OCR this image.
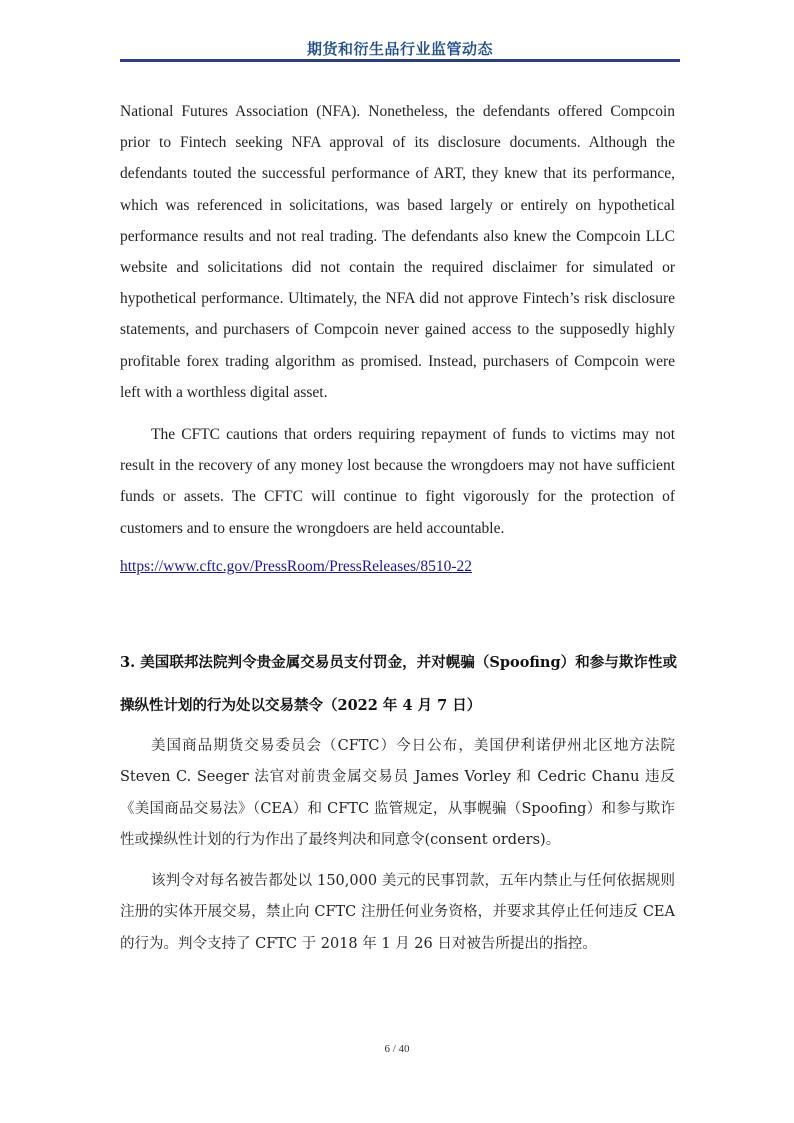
期货和衍生品行业监管动态

National Futures Association (NFA). Nonetheless, the defendants offered Compcoin prior to Fintech seeking NFA approval of its disclosure documents. Although the defendants touted the successful performance of ART, they knew that its performance, which was referenced in solicitations, was based largely or entirely on hypothetical performance results and not real trading. The defendants also knew the Compcoin LLC website and solicitations did not contain the required disclaimer for simulated or hypothetical performance. Ultimately, the NFA did not approve Fintech’s risk disclosure statements, and purchasers of Compcoin never gained access to the supposedly highly profitable forex trading algorithm as promised. Instead, purchasers of Compcoin were left with a worthless digital asset.

The CFTC cautions that orders requiring repayment of funds to victims may not result in the recovery of any money lost because the wrongdoers may not have sufficient funds or assets. The CFTC will continue to fight vigorously for the protection of customers and to ensure the wrongdoers are held accountable.

https://www.cftc.gov/PressRoom/PressReleases/8510-22
3. 美国联邦法院判令贵金属交易员支付罚金，并对幌骗（Spoofing）和参与欺诈性或操纵性计划的行为处以交易禁令（2022 年 4 月 7 日）

美国商品期货交易委员会（CFTC）今日公布，美国伊利诺伊州北区地方法院 Steven C. Seeger 法官对前贵金属交易员 James Vorley 和 Cedric Chanu 违反《美国商品交易法》（CEA）和 CFTC 监管规定，从事幌骗（Spoofing）和参与欺诈性或操纵性计划的行为作出了最终判决和同意令(consent orders)。

该判令对每名被告都处以 150,000 美元的民事罚款，五年内禁止与任何依据规则注册的实体开展交易，禁止向 CFTC 注册任何业务资格，并要求其停止任何违反 CEA 的行为。判令支持了 CFTC 于 2018 年 1 月 26 日对被告所提出的指控。

6 / 40
